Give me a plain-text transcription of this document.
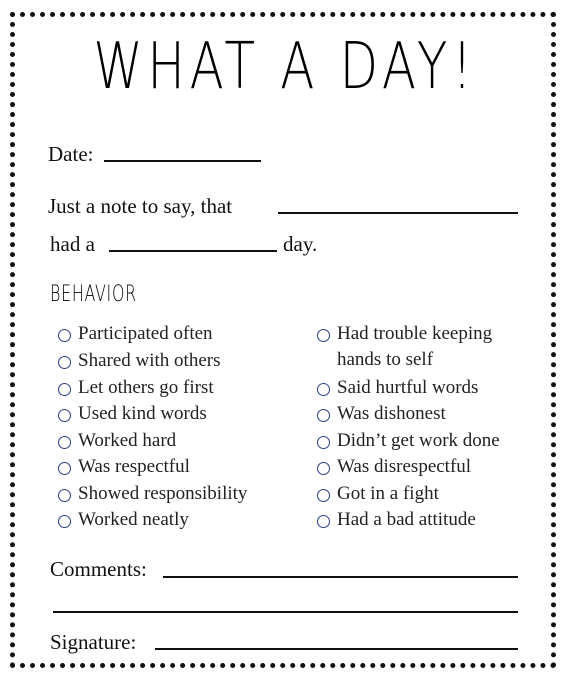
WHAT A DAY!
Date:
Just a note to say, that
had a	day.
BEHAVIOR
Participated often
Shared with others
Let others go first
Used kind words
Worked hard
Was respectful
Showed responsibility
Worked neatly
Had trouble keeping hands to self
Said hurtful words
Was dishonest
Didn’t get work done
Was disrespectful
Got in a fight
Had a bad attitude
Comments:
Signature:
